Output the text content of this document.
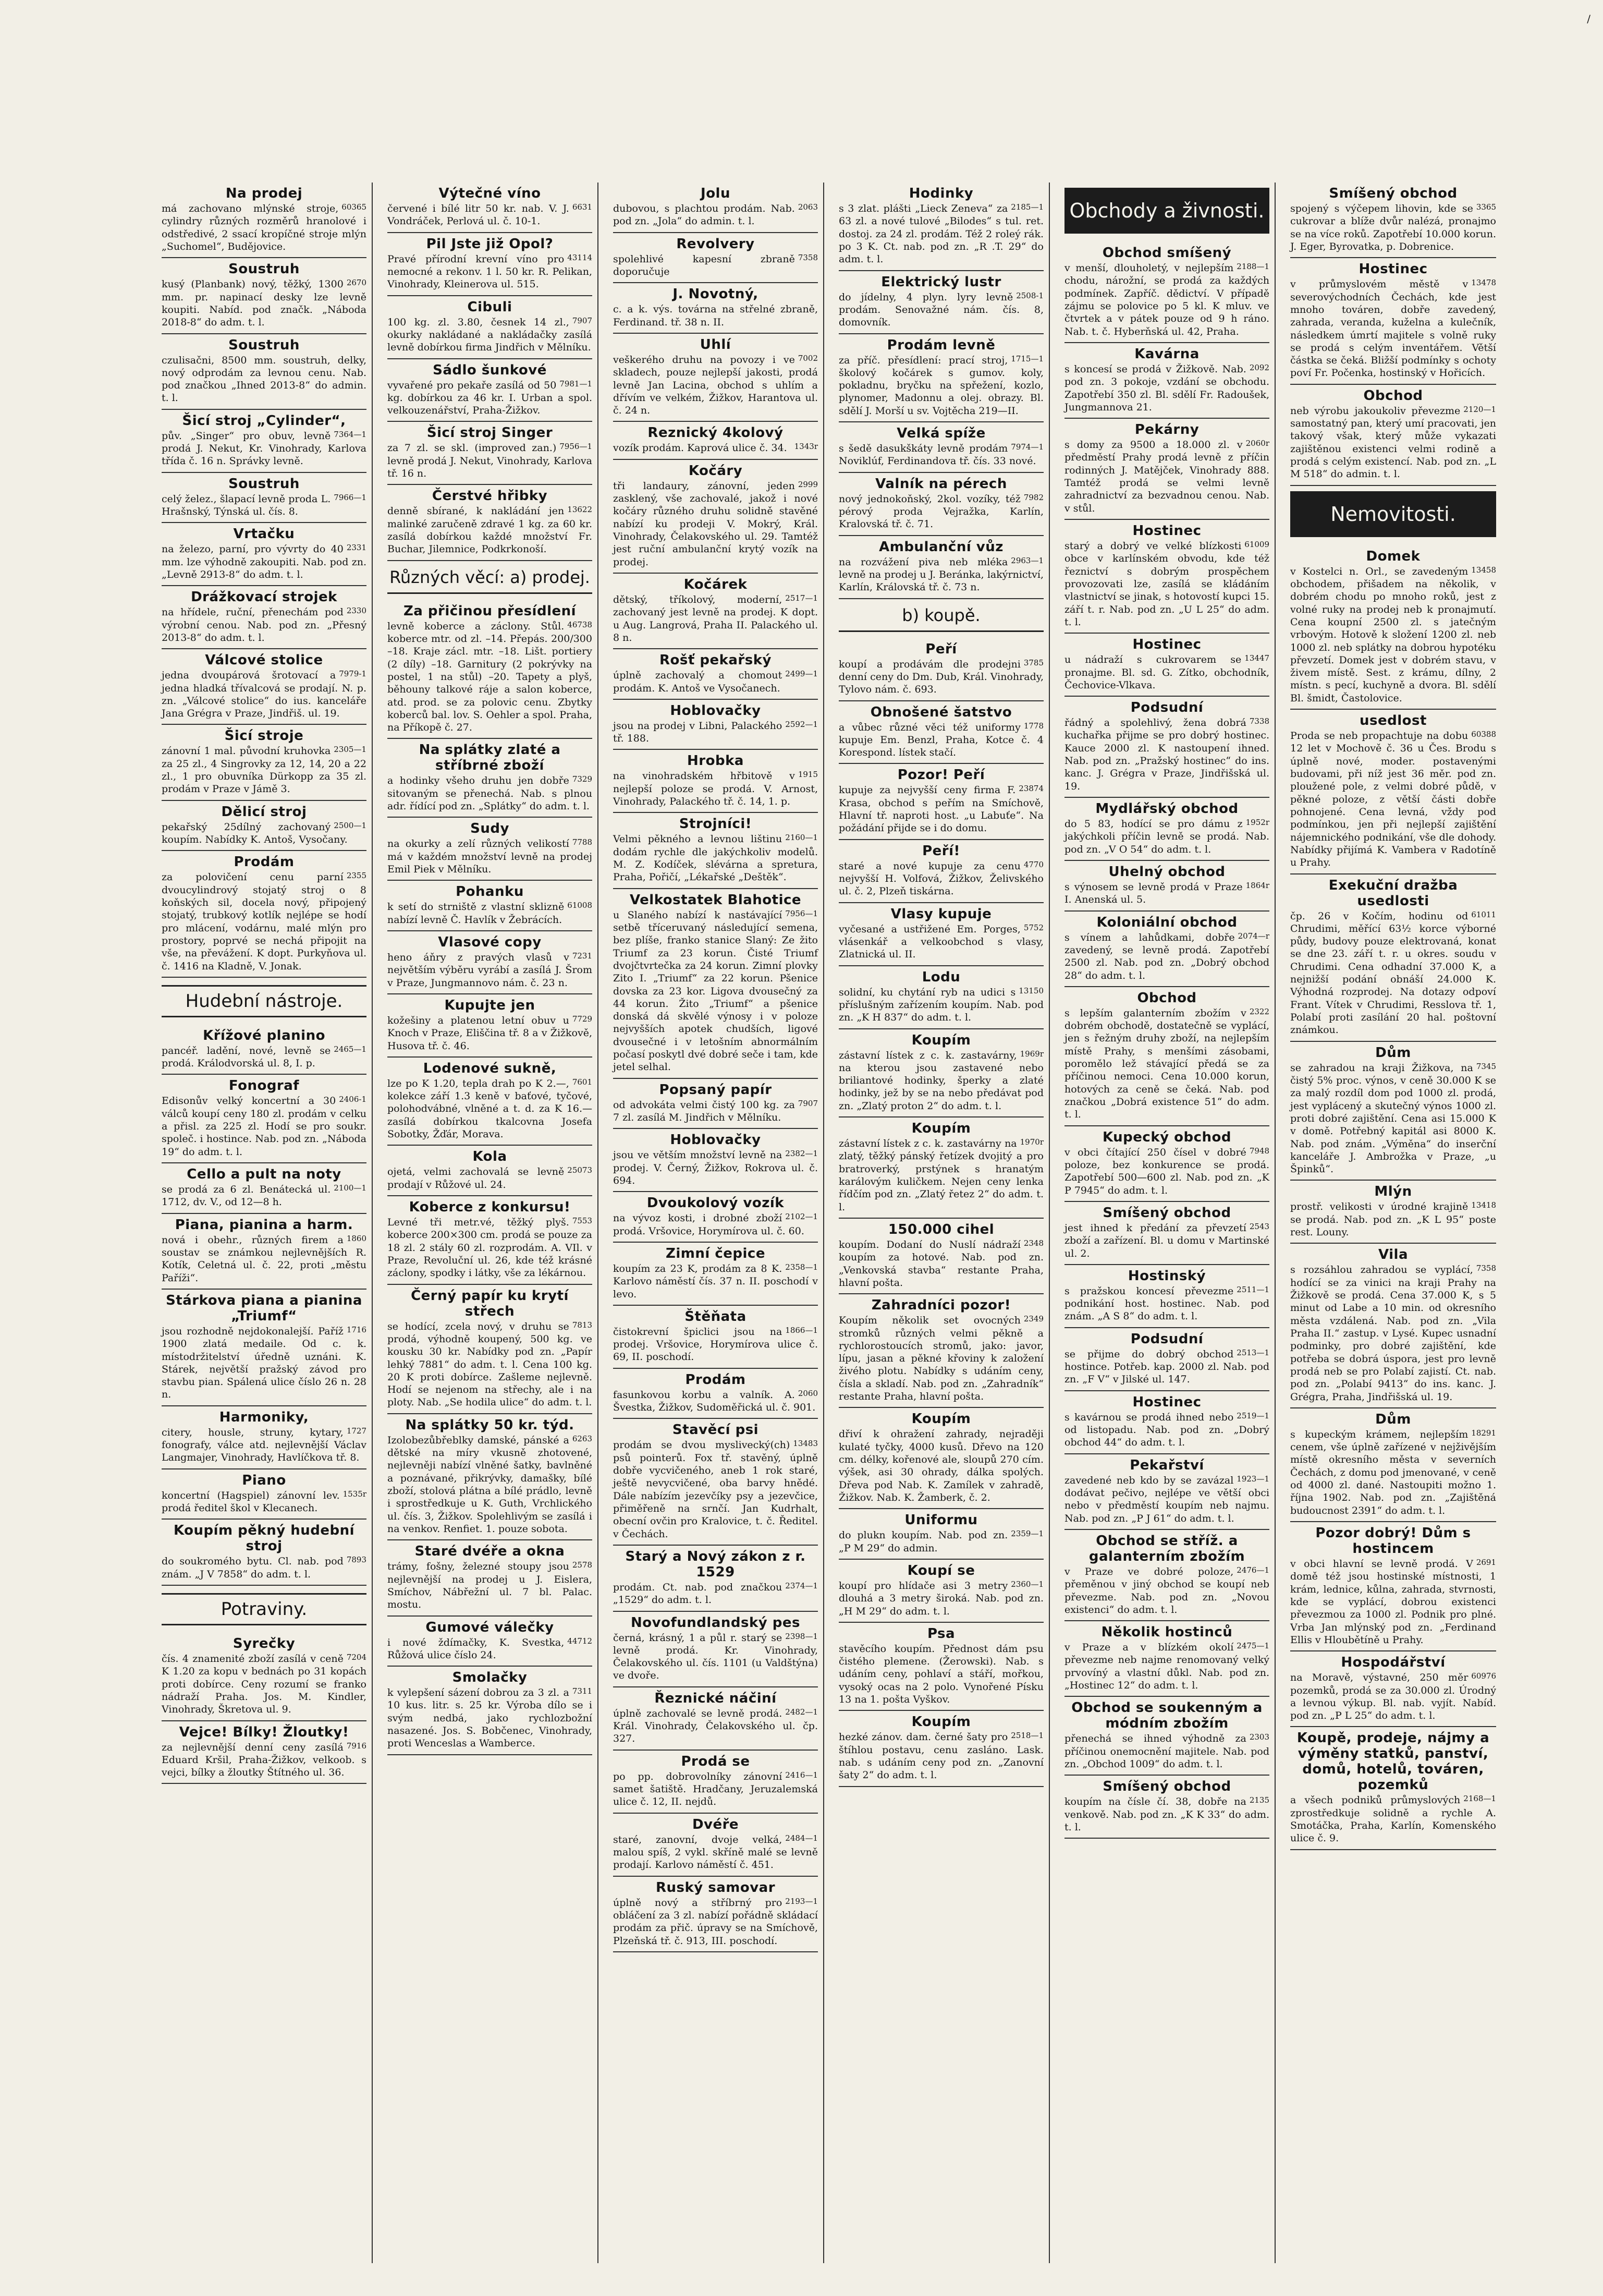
/
Na prodej

60365
má zachovano mlýnské stroje, cylindry různých rozměrů hranolové i odstředivé, 2 ssací kropíčné stroje mlýn „Suchomel“, Budějovice.

Soustruh

2670
kusý (Planbank) nový, těžký, 1300 mm. pr. napinací desky lze levně koupiti. Nabíd. pod značk. „Náboda 2018-8“ do adm. t. l.

Soustruh

czulisačni, 8500 mm. soustruh, delky, nový odprodám za levnou cenu. Nab. pod značkou „Ihned 2013-8“ do admin. t. l.

Šicí stroj „Cylinder“,

7364—1
pův. „Singer“ pro obuv, levně prodá J. Nekut, Kr. Vinohrady, Karlova třída č. 16 n. Správky levně.

Soustruh

7966—1
celý želez., šlapací levně proda L. Hrašnský, Týnská ul. čís. 8.

Vrtačku

2331
na železo, parní, pro vývrty do 40 mm. lze výhodně zakoupiti. Nab. pod zn. „Levně 2913-8“ do adm. t. l.

Drážkovací strojek

2330
na hřídele, ruční, přenechám pod výrobní cenou. Nab. pod zn. „Přesný 2013-8“ do adm. t. l.

Válcové stolice

7979-1
jedna dvoupárová šrotovací a jedna hladká třívalcová se prodají. N. p. zn. „Válcové stolice“ do ius. kanceláře Jana Grégra v Praze, Jindřiš. ul. 19.

Šicí stroje

2305—1
zánovní 1 mal. původní kruhovka za 25 zl., 4 Singrovky za 12, 14, 20 a 22 zl., 1 pro obuvníka Dürkopp za 35 zl. prodám v Praze v Jámě 3.

Dělicí stroj

2500—1
pekařský 25dílný zachovaný koupím. Nabídky K. Antoš, Vysočany.

Prodám

2355
za polovičení cenu parní dvoucylindrový stojatý stroj o 8 koňských sil, docela nový, připojený stojatý, trubkový kotlík nejlépe se hodí pro mlácení, vodárnu, malé mlýn pro prostory, poprvé se nechá připojit na vše, na převážení. K dopt. Purkyňova ul. č. 1416 na Kladně, V. Jonak.

Hudební nástroje.
Křížové planino

2465—1
pancéř. ladění, nové, levně se prodá. Králodvorská ul. 8, I. p.

Fonograf

2406-1
Edisonův velký koncertní a 30 válců koupí ceny 180 zl. prodám v celku a přisl. za 225 zl. Hodí se pro soukr. společ. i hostince. Nab. pod zn. „Náboda 19“ do adm. t. l.

Cello a pult na noty

2100—1
se prodá za 6 zl. Benátecká ul. 1712, dv. V., od 12—8 h.

Piana, pianina a harm.

1860
nová i obehr., různých firem a soustav se známkou nejlevnějších R. Kotík, Celetná ul. č. 22, proti „městu Paříži“.

Stárkova piana a pianina „Triumf“

1716
jsou rozhodně nejdokonalejší. Paříž 1900 zlatá medaile. Od c. k. místodržitelství úředně uznáni. K. Stárek, největší pražský závod pro stavbu pian. Spálená ulice číslo 26 n. 28 n.

Harmoniky,

1727
citery, housle, struny, kytary, fonografy, válce atd. nejlevnější Václav Langmajer, Vinohrady, Havlíčkova tř. 8.

Piano

1535r
koncertní (Hagspiel) zánovní lev. prodá ředitel škol v Klecanech.

Koupím pěkný hudební stroj

7893
do soukromého bytu. Cl. nab. pod znám. „J V 7858“ do adm. t. l.

Potraviny.
Syrečky

7204
čís. 4 znamenité zboží zasílá v ceně K 1.20 za kopu v bednách po 31 kopách proti dobírce. Ceny rozumí se franko nádraží Praha. Jos. M. Kindler, Vinohrady, Škretova ul. 9.

Vejce! Bílky! Žloutky!

7916
za nejlevnější denní ceny zasílá Eduard Kršil, Praha-Žižkov, velkoob. s vejci, bílky a žloutky Štítného ul. 36.

Výtečné víno

6631
červené i bílé litr 50 kr. nab. V. J. Vondráček, Perlová ul. č. 10-1.

Pil Jste již Opol?

43114
Pravé přírodní krevní víno pro nemocné a rekonv. 1 l. 50 kr. R. Pelikan, Vinohrady, Kleinerova ul. 515.

Cibuli

7907
100 kg. zl. 3.80, česnek 14 zl., okurky nakládané a nakládačky zasílá levně dobírkou firma Jindřich v Mělníku.

Sádlo šunkové

7981—1
vyvařené pro pekaře zasílá od 50 kg. dobírkou za 46 kr. I. Urban a spol. velkouzenářství, Praha-Žižkov.

Šicí stroj Singer

7956—1
za 7 zl. se skl. (improved zan.) levně prodá J. Nekut, Vinohrady, Karlova tř. 16 n.

Čerstvé hřibky

13622
denně sbírané, k nakládání jen malinké zaručeně zdravé 1 kg. za 60 kr. zasílá dobírkou každé množství Fr. Buchar, Jilemnice, Podkrkonoší.

Různých věcí: a) prodej.
Za přičinou přesídlení

46738
levně koberce a záclony. Stůl. koberce mtr. od zl. –14. Přepás. 200/300 –18. Kraje zácl. mtr. –18. Lišt. portiery (2 díly) –18. Garnitury (2 pokrývky na postel, 1 na stůl) –20. Tapety a plyš, běhouny talkové ráje a salon koberce, atd. prod. se za polovic cenu. Zbytky koberců bal. lov. S. Oehler a spol. Praha, na Příkopě č. 27.

Na splátky zlaté a stříbrné zboží

7329
a hodinky všeho druhu jen dobře sitovaným se přenechá. Nab. s plnou adr. řídící pod zn. „Splátky“ do adm. t. l.

Sudy

7788
na okurky a zelí různých velikostí má v každém množství levně na prodej Emil Piek v Mělníku.

Pohanku

61008
k setí do strniště z vlastní sklizně nabízí levně Č. Havlík v Žebrácích.

Vlasové copy

7231
heno áňry z pravých vlasů v největším výběru vyrábí a zasílá J. Šrom v Praze, Jungmannovo nám. č. 23 n.

Kupujte jen

7729
kožešiny a platenou letní obuv u Knoch v Praze, Eliščina tř. 8 a v Žižkově, Husova tř. č. 46.

Lodenové sukně,

7601
lze po K 1.20, tepla drah po K 2.—, kolekce září 1.3 keně v baťové, tyčové, polohodvábné, vlněné a t. d. za K 16.— zasílá dobírkou tkalcovna Josefa Sobotky, Žďár, Morava.

Kola

25073
ojetá, velmi zachovalá se levně prodají v Růžové ul. 24.

Koberce z konkursu!

7553
Levné tři metr.vé, těžký plyš. koberce 200×300 cm. prodá se pouze za 18 zl. 2 stály 60 zl. rozprodám. A. VIl. v Praze, Revoluční ul. 26, kde též krásné záclony, spodky i látky, vše za lékárnou.

Černý papír ku krytí střech

7813
se hodící, zcela nový, v druhu se prodá, výhodně koupený, 500 kg. ve kousku 30 kr. Nabídky pod zn. „Papír lehký 7881“ do adm. t. l. Cena 100 kg. 20 K proti dobírce. Zašleme nejlevně. Hodí se nejenom na střechy, ale i na ploty. Nab. „Se hodila ulice“ do adm. t. l.

Na splátky 50 kr. týd.

6263
Izolobezůbřeblky damské, pánské a dětské na míry vkusně zhotovené, nejlevněji nabízí vlněné šatky, bavlněné a poznávané, přikrývky, damašky, bílé zboží, stolová plátna a bílé prádlo, levně i sprostředkuje u K. Guth, Vrchlického ul. čís. 3, Žižkov. Spolehlivým se zasílá i na venkov. Renfiet. 1. pouze sobota.

Staré dvéře a okna

2578
trámy, fošny, železné stoupy jsou nejlevnější na prodej u J. Eislera, Smíchov, Nábřežní ul. 7 bl. Palac. mostu.

Gumové válečky

44712
i nové ždímačky, K. Svestka, Růžová ulice číslo 24.

Smolačky

7311
k vylepšení sázení dobrou za 3 zl. a 10 kus. litr. s. 25 kr. Výroba dílo se i svým nedbá, jako rychlozbožní nasazené. Jos. S. Bobčenec, Vinohrady, proti Wenceslas a Wamberce.

Jolu

2063
dubovou, s plachtou prodám. Nab. pod zn. „Jola“ do admin. t. l.

Revolvery

7358
spolehlivé kapesní zbraně doporučuje

J. Novotný,

c. a k. výs. továrna na střelné zbraně, Ferdinand. tř. 38 n. II.

Uhlí

7002
veškerého druhu na povozy i ve skladech, pouze nejlepší jakosti, prodá levně Jan Lacina, obchod s uhlím a dřívím ve velkém, Žižkov, Harantova ul. č. 24 n.

Reznický 4kolový

1343r
vozík prodám. Kaprová ulice č. 34.

Kočáry

2999
tři landaury, zánovní, jeden zasklený, vše zachovalé, jakož i nové kočáry různého druhu solidně stavěné nabízí ku prodeji V. Mokrý, Král. Vinohrady, Čelakovského ul. 29. Tamtéž jest ruční ambulanční krytý vozík na prodej.

Kočárek

2517—1
dětský, tříkolový, moderní, zachovaný jest levně na prodej. K dopt. u Aug. Langrová, Praha II. Palackého ul. 8 n.

Rošť pekařský

2499—1
úplně zachovalý a chomout prodám. K. Antoš ve Vysočanech.

Hoblovačky

2592—1
jsou na prodej v Libni, Palackého tř. 188.

Hrobka

1915
na vinohradském hřbitově v nejlepší poloze se prodá. V. Arnost, Vinohrady, Palackého tř. č. 14, 1. p.

Strojníci!

2160—1
Velmi pěkného a levnou lištinu dodám rychle dle jakýchkoliv modelů. M. Z. Kodíček, slévárna a spretura, Praha, Pořičí, „Lékařské „Deštěk“.

Velkostatek Blahotice

7956—1
u Slaného nabízí k nastávající setbě tříceruvaný následující semena, bez plíše, franko stanice Slaný: Ze žito Triumf za 23 korun. Čisté Triumf dvojčtvrtečka za 24 korun. Zimní plovky Zito I. „Triumf“ za 22 korun. Pšenice dovska za 23 kor. Ligova dvousečný za 44 korun. Žito „Triumf“ a pšenice donská dá skvělé výnosy i v poloze nejvyšších apotek chudších, ligové dvousečné i v letošním abnormálním počasí poskytl dvé dobré seče i tam, kde jetel selhal.

Popsaný papír

7907
od advokáta velmi čistý 100 kg. za 7 zl. zasílá M. Jindřich v Mělníku.

Hoblovačky

2382—1
jsou ve větším množství levně na prodej. V. Černý, Žižkov, Rokrova ul. č. 694.

Dvoukolový vozík

2102—1
na vývoz kosti, i drobné zboží prodá. Vršovice, Horymírova ul. č. 60.

Zimní čepice

2358—1
koupím za 23 K, prodám za 8 K. Karlovo náměstí čís. 37 n. II. poschodí v levo.

Štěňata

1866—1
čistokrevní špiclici jsou na prodej. Vršovice, Horymírova ulice č. 69, II. poschodí.

Prodám

2060
fasunkovou korbu a valník. A. Švestka, Žižkov, Sudoměřická ul. č. 901.

Stavěcí psi

13483
prodám se dvou myslivecký(ch) psů pointerů. Fox tř. stavěný, úplně dobře vycvičeného, aneb 1 rok staré, ještě nevycvičené, oba barvy hnědé. Dále nabízím jezevčíky psy a jezevčice, přiměřeně na srnčí. Jan Kudrhalt, obecní ovčin pro Kralovice, t. č. Ředitel. v Čechách.

Starý a Nový zákon z r. 1529

2374—1
prodám. Ct. nab. pod značkou „1529“ do adm. t. l.

Novofundlandský pes

2398—1
černá, krásný, 1 a půl r. starý se levně prodá. Kr. Vinohrady, Čelakovského ul. čís. 1101 (u Valdštýna) ve dvoře.

Řeznické náčiní

2482—1
úplně zachovalé se levně prodá. Král. Vinohrady, Čelakovského ul. čp. 327.

Prodá se

2416—1
po pp. dobrovolníky zánovní samet šatiště. Hradčany, Jeruzalemská ulice č. 12, II. nejdů.

Dvéře

2484—1
staré, zanovní, dvoje velká, malou spíš, 2 vykl. skříně malé se levně prodají. Karlovo náměstí č. 451.

Ruský samovar

2193—1
úplně nový a stříbrný pro obláčení za 3 zl. nabízí pořádně skládací prodám za přič. úpravy se na Smíchově, Plzeňská tř. č. 913, III. poschodí.

Hodinky

2185—1
s 3 zlat. plášti „Lieck Zeneva“ za 63 zl. a nové tulové „Bilodes“ s tul. ret. dostoj. za 24 zl. prodám. Též 2 roleý rák. po 3 K. Ct. nab. pod zn. „R .T. 29“ do adm. t. l.

Elektrický lustr

2508-1
do jídelny, 4 plyn. lyry levně prodám. Senovažné nám. čís. 8, domovník.

Prodám levně

1715—1
za příč. přesídlení: prací stroj, školový kočárek s gumov. koly, pokladnu, bryčku na spřežení, kozlo, plynomer, Madonnu a olej. obrazy. Bl. sdělí J. Morší u sv. Vojtěcha 219—II.

Velká spíže

7974—1
s šedě dasukškáty levně prodám Noviklúf, Ferdinandova tř. čís. 33 nové.

Valník na pérech

7982
nový jednokoňský, 2kol. vozíky, též pérový proda Vejražka, Karlín, Kralovská tř. č. 71.

Ambulanční vůz

2963—1
na rozvážení piva neb mléka levně na prodej u J. Beránka, lakýrnictví, Karlín, Královská tř. č. 73 n.

b) koupě.
Peří

3785
koupí a prodávám dle prodejni denní ceny do Dm. Dub, Král. Vinohrady, Tylovo nám. č. 693.

Obnošené šatstvo

1778
a vůbec různé věci též uniformy kupuje Em. Benzl, Praha, Kotce č. 4 Korespond. lístek stačí.

Pozor! Peří

23874
kupuje za nejvyšší ceny firma F. Krasa, obchod s peřím na Smíchově, Hlavní tř. naproti host. „u Labuťe“. Na požádání přijde se i do domu.

Peří!

4770
staré a nové kupuje za cenu nejvyšší H. Volfová, Žižkov, Želivského ul. č. 2, Plzeň tiskárna.

Vlasy kupuje

5752
vyčesané a ustřižené Em. Porges, vlásenkář a velkoobchod s vlasy, Zlatnická ul. II.

Lodu

13150
solidní, ku chytání ryb na udici s příslušným zařízením koupím. Nab. pod zn. „K H 837“ do adm. t. l.

Koupím

1969r
zástavní lístek z c. k. zastavárny, na kterou jsou zastavené nebo briliantové hodinky, šperky a zlaté hodinky, jež by se na nebo předávat pod zn. „Zlatý proton 2“ do adm. t. l.

Koupím

1970r
zástavní lístek z c. k. zastavárny na zlatý, těžký pánský řetízek dvojitý a pro bratroverký, prstýnek s hranatým karálovým kuličkem. Nejen ceny lenka řídčím pod zn. „Zlatý řetez 2“ do adm. t. l.

150.000 cihel

2348
koupím. Dodaní do Nuslí nádraží koupím za hotové. Nab. pod zn. „Venkovská stavba“ restante Praha, hlavní pošta.

Zahradníci pozor!

2349
Koupím několik set ovocných stromků různých velmi pěkně a rychlorostoucích stromů, jako: javor, lípu, jasan a pěkné křoviny k založení živého plotu. Nabídky s udáním ceny, čísla a skladí. Nab. pod zn. „Zahradník“ restante Praha, hlavní pošta.

Koupím

dřiví k ohražení zahrady, nejraději kulaté tyčky, 4000 kusů. Dřevo na 120 cm. délky, kořenové ale, sloupů 270 cím. výšek, asi 30 ohrady, dálka spolých. Dřeva pod Nab. K. Zamílek v zahradě, Žižkov. Nab. K. Žamberk, č. 2.

Uniformu

2359—1
do plukn koupím. Nab. pod zn. „P M 29“ do admin.

Koupí se

2360—1
koupí pro hlídače asi 3 metry dlouhá a 3 metry široká. Nab. pod zn. „H M 29“ do adm. t. l.

Psa

stavěcího koupím. Přednost dám psu čistého plemene. (Žerowski). Nab. s udáním ceny, pohlaví a stáří, mořkou, vysoký ocas na 2 polo. Vynořené Písku 13 na 1. pošta Vyškov.

Koupím

2518—1
hezké zánov. dam. černé šaty pro štíhlou postavu, cenu zasláno. Lask. nab. s udáním ceny pod zn. „Zanovní šaty 2“ do adm. t. l.

Obchody a živnosti.
Obchod smíšený

2188—1
v menší, dlouholetý, v nejlepším chodu, nárožní, se prodá za každých podmínek. Zapříč. dědictví. V případě zájmu se polovice po 5 kl. K mluv. ve čtvrtek a v pátek pouze od 9 h ráno. Nab. t. č. Hyberňská ul. 42, Praha.

Kavárna

2092
s koncesí se prodá v Žižkově. Nab. pod zn. 3 pokoje, vzdání se obchodu. Zapotřebí 350 zl. Bl. sdělí Fr. Radoušek, Jungmannova 21.

Pekárny

2060r
s domy za 9500 a 18.000 zl. v předměstí Prahy prodá levně z příčin rodinných J. Matějček, Vinohrady 888. Tamtéž prodá se velmi levně zahradnictví za bezvadnou cenou. Nab. v stůl.

Hostinec

61009
starý a dobrý ve velké blízkosti obce v karlínském obvodu, kde též řeznictví s dobrým prospěchem provozovati lze, zasílá se kládáním vlastnictví se jinak, s hotovostí kupci 15. září t. r. Nab. pod zn. „U L 25“ do adm. t. l.

Hostinec

13447
u nádraží s cukrovarem se pronajme. Bl. sd. G. Zítko, obchodník, Čechovice-Vlkava.

Podsudní

7338
řádný a spolehlivý, žena dobrá kuchařka přijme se pro dobrý hostinec. Kauce 2000 zl. K nastoupení ihned. Nab. pod zn. „Pražský hostinec“ do ins. kanc. J. Grégra v Praze, Jindřišská ul. 19.

Mydlářský obchod

1952r
do 5 83, hodící se pro dámu z jakýchkoli příčin levně se prodá. Nab. pod zn. „V O 54“ do adm. t. l.

Uhelný obchod

1864r
s výnosem se levně prodá v Praze I. Anenská ul. 5.

Koloniální obchod

2074—r
s vínem a lahůdkami, dobře zavedený, se levně prodá. Zapotřebí 2500 zl. Nab. pod zn. „Dobrý obchod 28“ do adm. t. l.

Obchod

2322
s lepším galanterním zbožím v dobrém obchodě, dostatečně se vyplácí, jen s řežným druhy zboží, na nejlepším místě Prahy, s menšími zásobami, poromělo lež stávající předá se za příčinou nemoci. Cena 10.000 korun, hotových za ceně se čeká. Nab. pod značkou „Dobrá existence 51“ do adm. t. l.

Kupecký obchod

7948
v obci čítající 250 čísel v dobré poloze, bez konkurence se prodá. Zapotřebí 500—600 zl. Nab. pod zn. „K P 7945“ do adm. t. l.

Smíšený obchod

2543
jest ihned k předání za převzetí zboží a zařízení. Bl. u domu v Martinské ul. 2.

Hostinský

2511—1
s pražskou koncesí převezme podnikání host. hostinec. Nab. pod znám. „A S 8“ do adm. t. l.

Podsudní

2513—1
se přijme do dobrý obchod hostince. Potřeb. kap. 2000 zl. Nab. pod zn. „F V“ v Jilské ul. 147.

Hostinec

2519—1
s kavárnou se prodá ihned nebo od listopadu. Nab. pod zn. „Dobrý obchod 44“ do adm. t. l.

Pekařství

1923—1
zavedené neb kdo by se zavázal dodávat pečivo, nejlépe ve větší obci nebo v předměstí koupím neb najmu. Nab. pod zn. „P J 61“ do adm. t. l.

Obchod se stříž. a galanterním zbožím

2476—1
v Praze ve dobré poloze, přeměnou v jiný obchod se koupí neb převezme. Nab. pod zn. „Novou existenci“ do adm. t. l.

Několik hostinců

2475—1
v Praze a v blízkém okolí převezme neb najme renomovaný velký prvovíný a vlastní důkl. Nab. pod zn. „Hostinec 12“ do adm. t. l.

Obchod se soukenným a módním zbožím

2303
přenechá se ihned výhodně za příčinou onemocnění majitele. Nab. pod zn. „Obchod 1009“ do adm. t. l.

Smíšený obchod

2135
koupím na čísle čí. 38, dobře na venkově. Nab. pod zn. „K K 33“ do adm. t. l.

Smíšený obchod

3365
spojený s výčepem lihovin, kde se cukrovar a blíže dvůr nalézá, pronajmo se na více roků. Zapotřebí 10.000 korun. J. Eger, Byrovatka, p. Dobrenice.

Hostinec

13478
v průmyslovém městě v severovýchodních Čechách, kde jest mnoho továren, dobře zavedený, zahrada, veranda, kuželna a kulečník, následkem úmrtí majitele s volně ruky se prodá s celým inventářem. Větší částka se čeká. Bližší podmínky s ochoty poví Fr. Počenka, hostinský v Hořicích.

Obchod

2120—1
neb výrobu jakoukoliv převezme samostatný pan, který umí pracovati, jen takový však, který může vykazati zajištěnou existenci velmi rodině a prodá s celým existencí. Nab. pod zn. „L M 518“ do admin. t. l.

Nemovitosti.
Domek

13458
v Kostelci n. Orl., se zavedeným obchodem, přišadem na několik, v dobrém chodu po mnoho roků, jest z volné ruky na prodej neb k pronajmutí. Cena koupní 2500 zl. s jatečným vrbovým. Hotově k složení 1200 zl. neb 1000 zl. neb splátky na dobrou hypotéku převzetí. Domek jest v dobrém stavu, v živem místě. Sest. z krámu, dílny, 2 místn. s pecí, kuchyně a dvora. Bl. sdělí Bl. šmidt, Častolovice.

usedlost

60388
Proda se neb propachtuje na dobu 12 let v Mochově č. 36 u Čes. Brodu s úplně nové, moder. postavenými budovami, při níž jest 36 měr. pod zn. ploužené pole, z velmi dobré půdě, v pěkné poloze, z větší části dobře pohnojené. Cena levná, vždy pod podmínkou, jen při nejlepší zajištění nájemnického podnikání, vše dle dohody. Nabídky přijímá K. Vambera v Radotíně u Prahy.

Exekuční dražba usedlosti

61011
čp. 26 v Kočím, hodinu od Chrudimi, měřící 63½ korce výborné půdy, budovy pouze elektrovaná, konat se dne 23. září t. r. u okres. soudu v Chrudimi. Cena odhadní 37.000 K, a nejnižší podání obnáší 24.000 K. Výhodná rozprodej. Na dotazy odpoví Frant. Vítek v Chrudimi, Resslova tř. 1, Polabí proti zasílání 20 hal. poštovní známkou.

Dům

7345
se zahradou na kraji Žižkova, na čistý 5% proc. výnos, v ceně 30.000 K se za malý rozdíl dom pod 1000 zl. prodá, jest vyplácený a skutečný výnos 1000 zl. proti dobré zajištění. Cena asi 15.000 K v domě. Potřebný kapitál asi 8000 K. Nab. pod znám. „Výměna“ do inserční kanceláře J. Ambrožka v Praze, „u Špinků“.

Mlýn

13418
prostř. velikosti v úrodné krajině se prodá. Nab. pod zn. „K L 95“ poste rest. Louny.

Vila

7358
s rozsáhlou zahradou se vyplácí, hodící se za vinici na kraji Prahy na Žižkově se prodá. Cena 37.000 K, s 5 minut od Labe a 10 min. od okresního města vzdálená. Nab. pod zn. „Vila Praha II.“ zastup. v Lysé. Kupec usnadní podminky, pro dobré zajištění, kde potřeba se dobrá úspora, jest pro levně prodá neb se pro Polabí zajistí. Ct. nab. pod zn. „Polabí 9413“ do ins. kanc. J. Grégra, Praha, Jindřišská ul. 19.

Dům

18291
s kupeckým krámem, nejlepším cenem, vše úplně zařízené v nejživějším místě okresního města v severních Čechách, z domu pod jmenované, v ceně od 4000 zl. dané. Nastoupiti možno 1. října 1902. Nab. pod zn. „Zajištěná budoucnost 2391“ do adm. t. l.

Pozor dobrý! Dům s hostincem

2691
v obci hlavní se levně prodá. V domě též jsou hostinské místnosti, 1 krám, lednice, kůlna, zahrada, stvrnosti, kde se vyplácí, dobrou existenci převezmou za 1000 zl. Podnik pro plné. Vrba Jan mlýnský pod zn. „Ferdinand Ellis v Hloubětíně u Prahy.

Hospodářství

60976
na Moravě, výstavné, 250 měr pozemků, prodá se za 30.000 zl. Úrodný a levnou výkup. Bl. nab. vyjít. Nabíd. pod zn. „P L 25“ do adm. t. l.

Koupě, prodeje, nájmy a výměny statků, panství, domů, hotelů, továren, pozemků

2168—1
a všech podniků průmyslových zprostředkuje solidně a rychle A. Smotáčka, Praha, Karlín, Komenského ulice č. 9.
